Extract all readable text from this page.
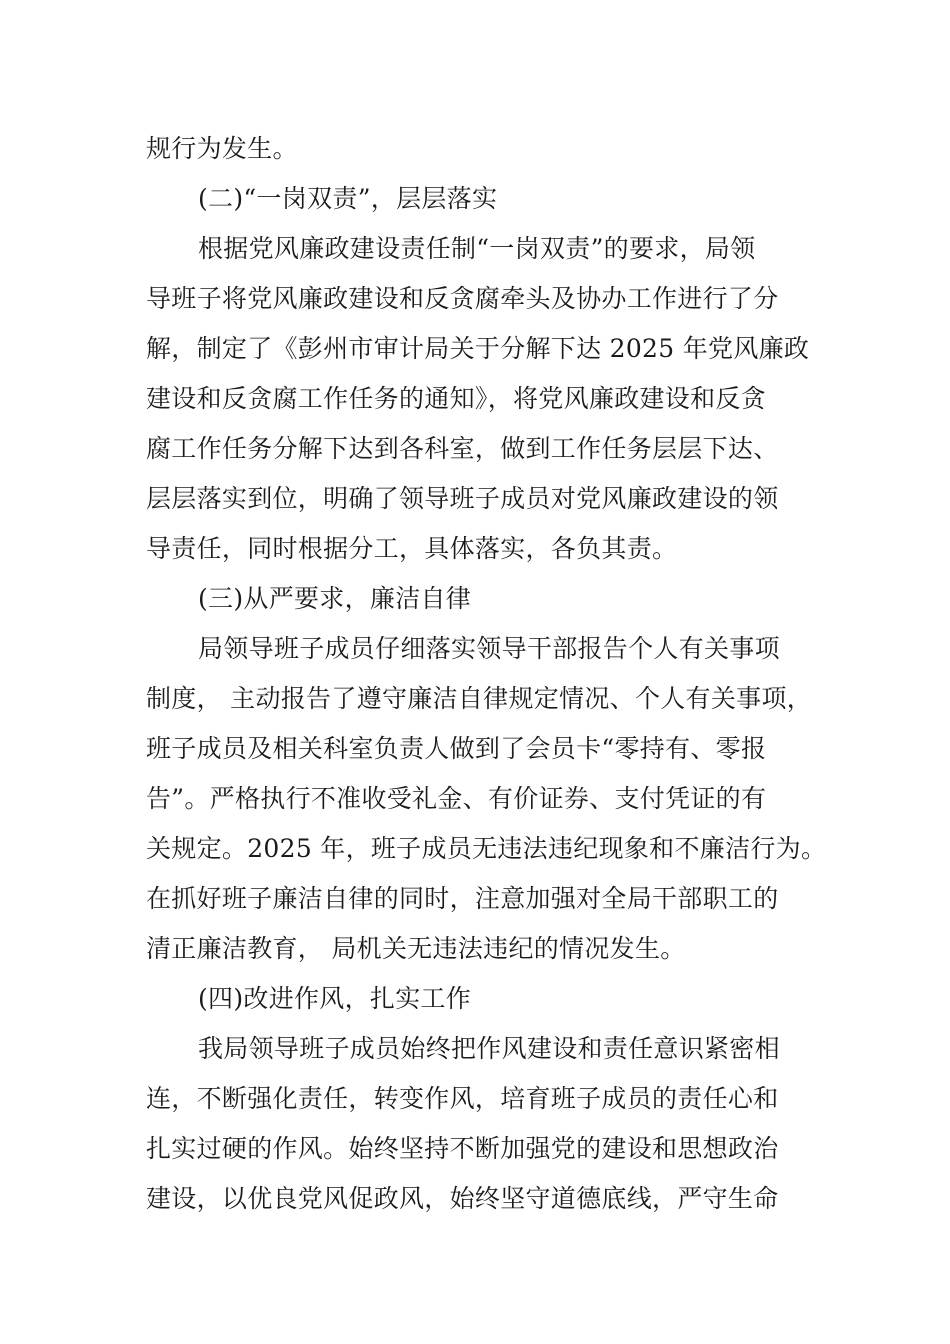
规行为发生。
(二)“一岗双责”，层层落实
根据党风廉政建设责任制“一岗双责”的要求，局领
导班子将党风廉政建设和反贪腐牵头及协办工作进行了分
解，制定了《彭州市审计局关于分解下达 2025 年党风廉政
建设和反贪腐工作任务的通知》，将党风廉政建设和反贪
腐工作任务分解下达到各科室，做到工作任务层层下达、
层层落实到位，明确了领导班子成员对党风廉政建设的领
导责任，同时根据分工，具体落实，各负其责。
(三)从严要求，廉洁自律
局领导班子成员仔细落实领导干部报告个人有关事项
制度， 主动报告了遵守廉洁自律规定情况、个人有关事项，
班子成员及相关科室负责人做到了会员卡“零持有、零报
告”。严格执行不准收受礼金、有价证券、支付凭证的有
关规定。2025 年，班子成员无违法违纪现象和不廉洁行为。
在抓好班子廉洁自律的同时，注意加强对全局干部职工的
清正廉洁教育， 局机关无违法违纪的情况发生。
(四)改进作风，扎实工作
我局领导班子成员始终把作风建设和责任意识紧密相
连，不断强化责任，转变作风，培育班子成员的责任心和
扎实过硬的作风。始终坚持不断加强党的建设和思想政治
建设，以优良党风促政风，始终坚守道德底线，严守生命
